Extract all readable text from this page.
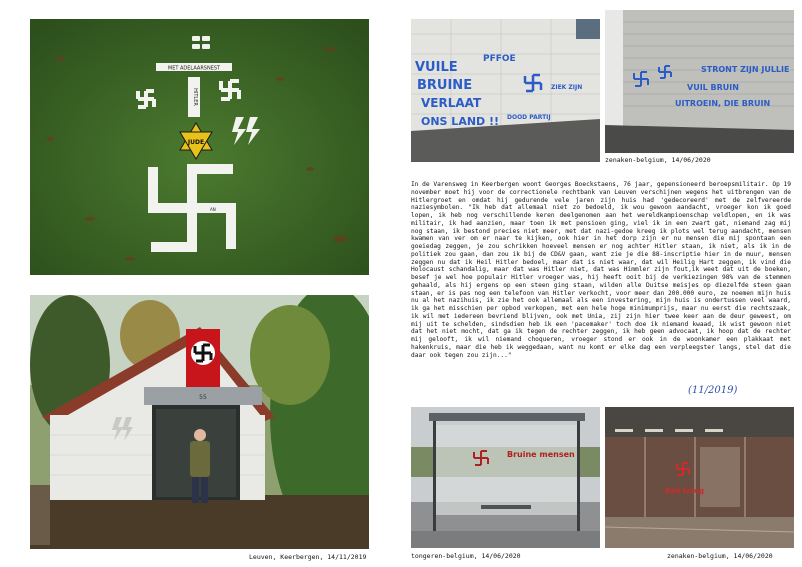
MET ADELAARSNEST
HITLER
JUDE
AN
55
Leuven, Keerbergen, 14/11/2019
VUILE
BRUINE
VERLAAT
ONS LAND !!
PFFOE
DOOD PARTIJ
ZIEK ZIJN
STRONT ZIJN JULLIE
VUIL BRUIN
UITROEIN, DIE BRUIN
zenaken-belgium, 14/06/2020

In de Varensweg in Keerbergen woont Georges Boeckstaens, 76 jaar, gepensioneerd beroepsmilitair. Op 19 november moet hij voor de correctionele rechtbank van Leuven verschijnen wegens het uitbrengen van de Hitlergroet en omdat hij gedurende vele jaren zijn huis had 'gedecoreerd' met de zelfvereerde naziesymbolen. "Ik heb dat allemaal niet zo bedoeld, ik wou gewoon aandacht, vroeger kon ik goed lopen, ik heb nog verschillende keren deelgenomen aan het wereldkampioenschap veldlopen, en ik was militair, ik had aanzien, maar toen ik met pensioen ging, viel ik in een zwart gat, niemand zag mij nog staan, ik bestond precies niet meer, met dat nazi-gedoe kreeg ik plots wel terug aandacht, mensen kwamen van ver om er naar te kijken, ook hier in het dorp zijn er nu mensen die mij spontaan een goeiedag zeggen, je zou schrikken hoeveel mensen er nog achter Hitler staan, ik niet, als ik in de politiek zou gaan, dan zou ik bij de CD&V gaan, want zie je die 88-inscriptie hier in de muur, mensen zeggen nu dat ik Heil Hitler bedoel, maar dat is niet waar, dat wil Heilig Hart zeggen, ik vind die Holocaust schandalig, maar dat was Hitler niet, dat was Himmler zijn fout,ik weet dat uit de boeken, besef je wel hoe populair Hitler vroeger was, hij heeft ooit bij de verkiezingen 98% van de stemmen gehaald, als hij ergens op een steen ging staan, wilden alle Duitse meisjes op diezelfde steen gaan staan, er is pas nog een telefoon van Hitler verkocht, voor meer dan 200.000 euro, ze noemen mijn huis nu al het nazihuis, ik zie het ook allemaal als een investering, mijn huis is ondertussen veel waard, ik ga het misschien per opbod verkopen, met een hele hoge minimumprijs, maar nu eerst die rechtszaak, ik wil met iedereen bevriend blijven, ook met Unia, zij zijn hier twee keer aan de deur geweest, om mij uit te schelden, sindsdien heb ik een 'pacemaker' toch doe ik niemand kwaad, ik wist gewoon niet dat het niet mocht, dat ga ik tegen de rechter zeggen, ik heb geen advocaat, ik hoop dat de rechter mij gelooft, ik wil niemand choqueren, vroeger stond er ook in de woonkamer een plakkaat met hakenkruis, maar die heb ik weggedaan, want nu komt er elke dag een verpleegster langs, stel dat die daar ook tegen zou zijn..."

(11/2019)
Bruine mensen
tongeren-belgium, 14/06/2020
Bad terug
zenaken-belgium, 14/06/2020
